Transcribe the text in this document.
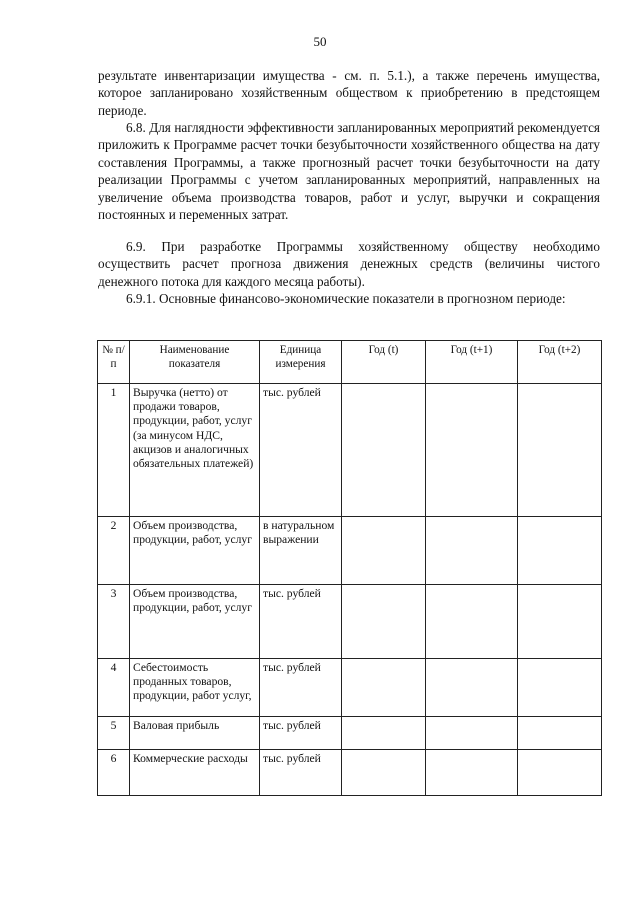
50

результате инвентаризации имущества - см. п. 5.1.), а также перечень имущества, которое запланировано хозяйственным обществом к приобретению в предстоящем периоде.

6.8. Для наглядности эффективности запланированных мероприятий рекомендуется приложить к Программе расчет точки безубыточности хозяйственного общества на дату составления Программы, а также прогнозный расчет точки безубыточности на дату реализации Программы с учетом запланированных мероприятий, направленных на увеличение объема производства товаров, работ и услуг, выручки и сокращения постоянных и переменных затрат.

6.9. При разработке Программы хозяйственному обществу необходимо осуществить расчет прогноза движения денежных средств (величины чистого денежного потока для каждого месяца работы).

6.9.1. Основные финансово-экономические показатели в прогнозном периоде:

№ п/п	Наименование показателя	Единица измерения	Год (t)	Год (t+1)	Год (t+2)
1	Выручка (нетто) от продажи товаров, продукции, работ, услуг (за минусом НДС, акцизов и аналогичных обязательных платежей)	тыс. рублей			
2	Объем производства, продукции, работ, услуг	в натуральном выражении			
3	Объем производства, продукции, работ, услуг	тыс. рублей			
4	Себестоимость проданных товаров, продукции, работ услуг,	тыс. рублей			
5	Валовая прибыль	тыс. рублей			
6	Коммерческие расходы	тыс. рублей			
